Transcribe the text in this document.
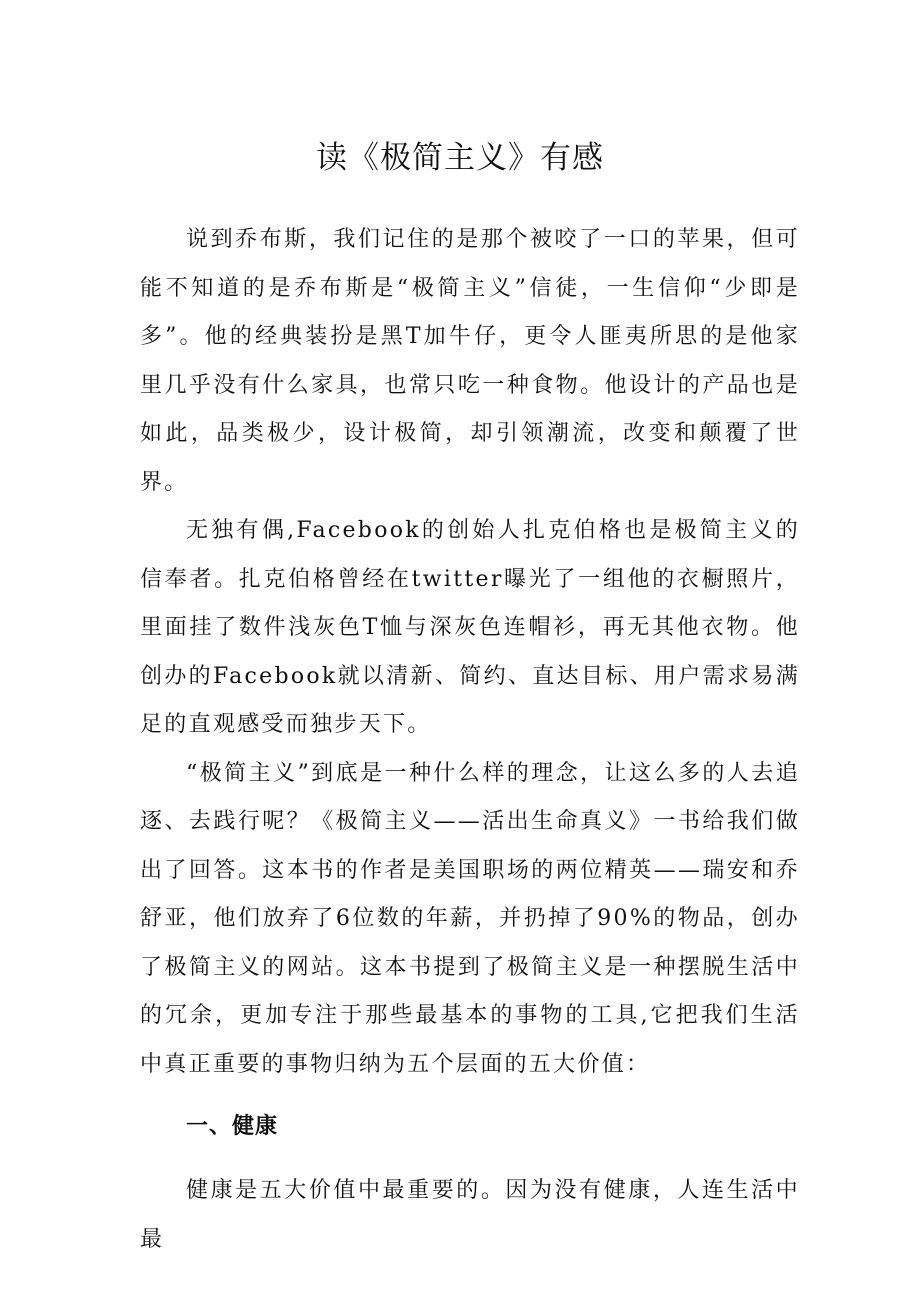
读《极简主义》有感

说到乔布斯，我们记住的是那个被咬了一口的苹果，但可能不知道的是乔布斯是“极简主义”信徒，一生信仰“少即是多”。他的经典装扮是黑T加牛仔，更令人匪夷所思的是他家里几乎没有什么家具，也常只吃一种食物。他设计的产品也是如此，品类极少，设计极简，却引领潮流，改变和颠覆了世界。

无独有偶,Facebook的创始人扎克伯格也是极简主义的信奉者。扎克伯格曾经在twitter曝光了一组他的衣橱照片，里面挂了数件浅灰色T恤与深灰色连帽衫，再无其他衣物。他创办的Facebook就以清新、简约、直达目标、用户需求易满足的直观感受而独步天下。

“极简主义”到底是一种什么样的理念，让这么多的人去追逐、去践行呢？《极简主义——活出生命真义》一书给我们做出了回答。这本书的作者是美国职场的两位精英——瑞安和乔舒亚，他们放弃了6位数的年薪，并扔掉了90%的物品，创办了极简主义的网站。这本书提到了极简主义是一种摆脱生活中的冗余，更加专注于那些最基本的事物的工具,它把我们生活中真正重要的事物归纳为五个层面的五大价值：

一、健康

健康是五大价值中最重要的。因为没有健康，人连生活中最
